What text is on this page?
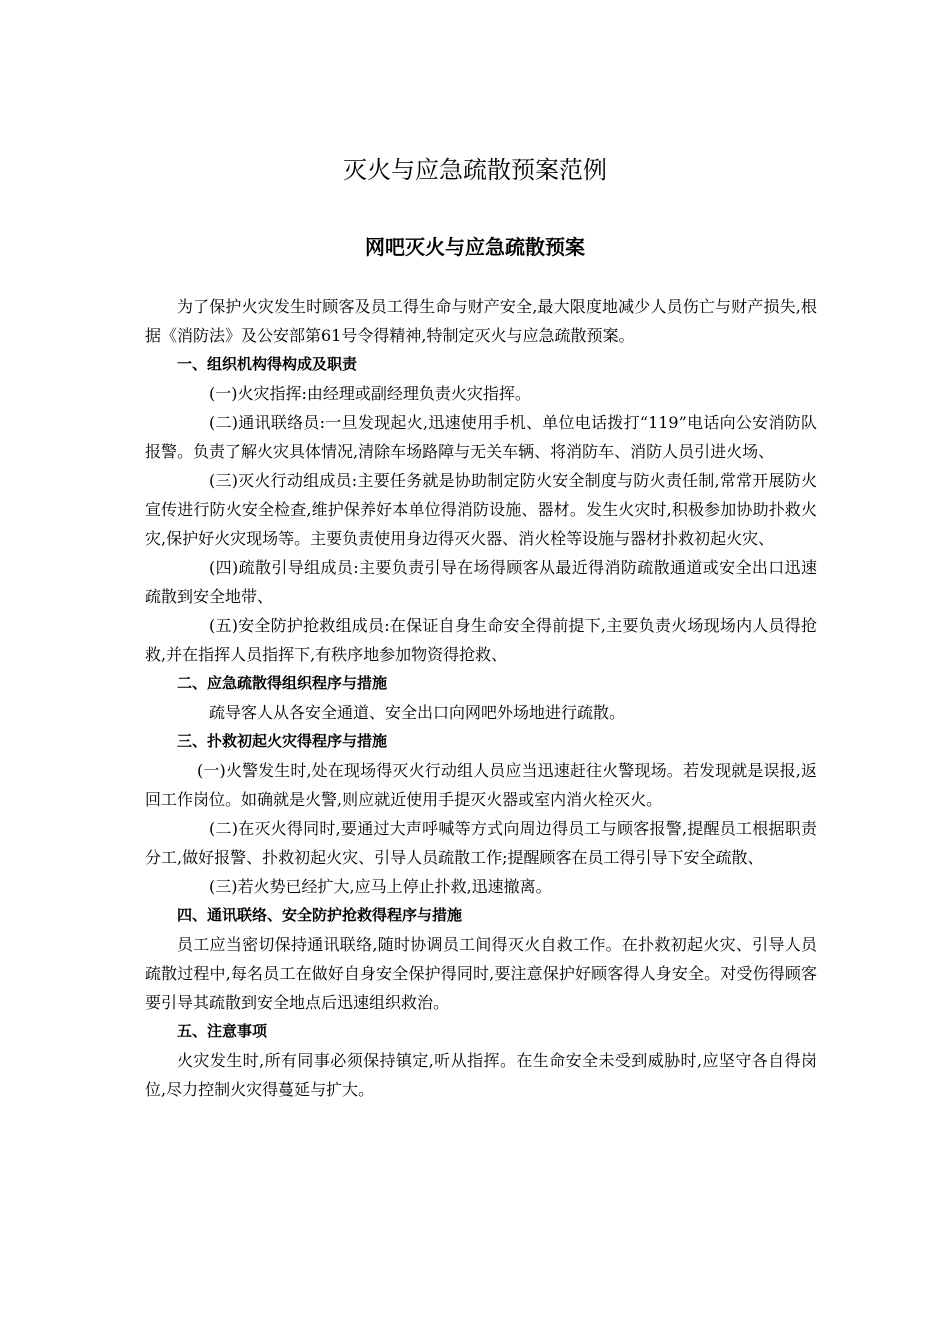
灭火与应急疏散预案范例
网吧灭火与应急疏散预案

为了保护火灾发生时顾客及员工得生命与财产安全,最大限度地减少人员伤亡与财产损失,根据《消防法》及公安部第61号令得精神,特制定灭火与应急疏散预案。

一、组织机构得构成及职责

(一)火灾指挥:由经理或副经理负责火灾指挥。

(二)通讯联络员:一旦发现起火,迅速使用手机、单位电话拨打“119”电话向公安消防队报警。负责了解火灾具体情况,清除车场路障与无关车辆、将消防车、消防人员引进火场、

(三)灭火行动组成员:主要任务就是协助制定防火安全制度与防火责任制,常常开展防火宣传进行防火安全检查,维护保养好本单位得消防设施、器材。发生火灾时,积极参加协助扑救火灾,保护好火灾现场等。主要负责使用身边得灭火器、消火栓等设施与器材扑救初起火灾、

(四)疏散引导组成员:主要负责引导在场得顾客从最近得消防疏散通道或安全出口迅速疏散到安全地带、

(五)安全防护抢救组成员:在保证自身生命安全得前提下,主要负责火场现场内人员得抢救,并在指挥人员指挥下,有秩序地参加物资得抢救、

二、应急疏散得组织程序与措施

疏导客人从各安全通道、安全出口向网吧外场地进行疏散。

三、扑救初起火灾得程序与措施

(一)火警发生时,处在现场得灭火行动组人员应当迅速赶往火警现场。若发现就是误报,返回工作岗位。如确就是火警,则应就近使用手提灭火器或室内消火栓灭火。

(二)在灭火得同时,要通过大声呼喊等方式向周边得员工与顾客报警,提醒员工根据职责分工,做好报警、扑救初起火灾、引导人员疏散工作;提醒顾客在员工得引导下安全疏散、

(三)若火势已经扩大,应马上停止扑救,迅速撤离。

四、通讯联络、安全防护抢救得程序与措施

员工应当密切保持通讯联络,随时协调员工间得灭火自救工作。在扑救初起火灾、引导人员疏散过程中,每名员工在做好自身安全保护得同时,要注意保护好顾客得人身安全。对受伤得顾客要引导其疏散到安全地点后迅速组织救治。

五、注意事项

火灾发生时,所有同事必须保持镇定,听从指挥。在生命安全未受到威胁时,应坚守各自得岗位,尽力控制火灾得蔓延与扩大。
